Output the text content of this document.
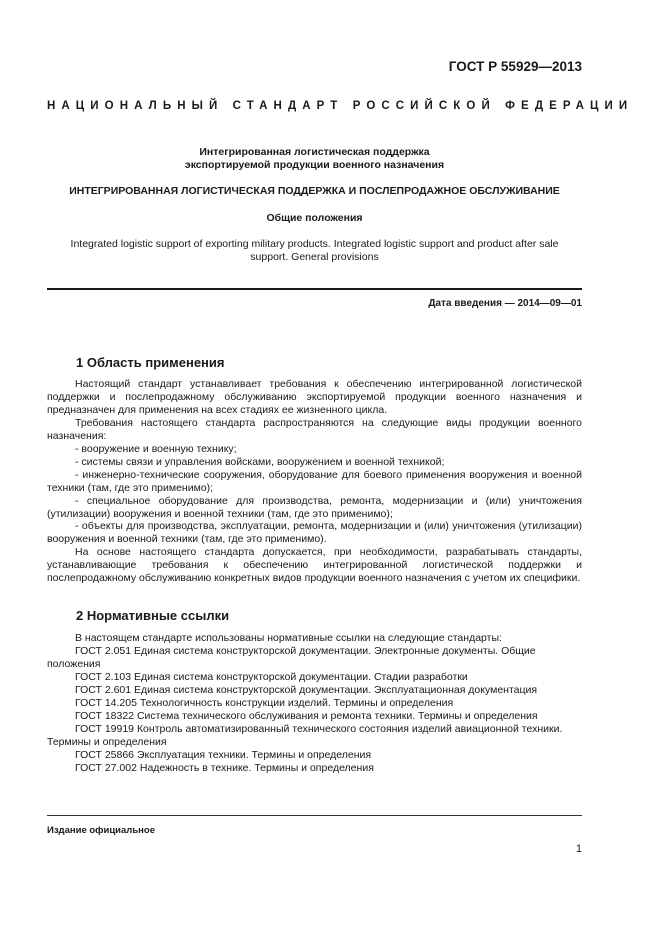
ГОСТ Р 55929—2013
НАЦИОНАЛЬНЫЙ СТАНДАРТ РОССИЙСКОЙ ФЕДЕРАЦИИ
Интегрированная логистическая поддержка
экспортируемой продукции военного назначения
ИНТЕГРИРОВАННАЯ ЛОГИСТИЧЕСКАЯ ПОДДЕРЖКА И ПОСЛЕПРОДАЖНОЕ ОБСЛУЖИВАНИЕ
Общие положения
Integrated logistic support of exporting military products. Integrated logistic support and product after sale
support. General provisions
Дата введения — 2014—09—01
1 Область применения

Настоящий стандарт устанавливает требования к обеспечению интегрированной логистической поддержки и послепродажному обслуживанию экспортируемой продукции военного назначения и предназначен для применения на всех стадиях ее жизненного цикла.

Требования настоящего стандарта распространяются на следующие виды продукции военного назначения:

- вооружение и военную технику;

- системы связи и управления войсками, вооружением и военной техникой;

- инженерно-технические сооружения, оборудование для боевого применения вооружения и военной техники (там, где это применимо);

- специальное оборудование для производства, ремонта, модернизации и (или) уничтожения (утилизации) вооружения и военной техники (там, где это применимо);

- объекты для производства, эксплуатации, ремонта, модернизации и (или) уничтожения (утилизации) вооружения и военной техники (там, где это применимо).

На основе настоящего стандарта допускается, при необходимости, разрабатывать стандарты, устанавливающие требования к обеспечению интегрированной логистической поддержки и послепродажному обслуживанию конкретных видов продукции военного назначения с учетом их специфики.

2 Нормативные ссылки

В настоящем стандарте использованы нормативные ссылки на следующие стандарты:

ГОСТ 2.051 Единая система конструкторской документации. Электронные документы. Общие положения

ГОСТ 2.103 Единая система конструкторской документации. Стадии разработки

ГОСТ 2.601 Единая система конструкторской документации. Эксплуатационная документация

ГОСТ 14.205 Технологичность конструкции изделий. Термины и определения

ГОСТ 18322 Система технического обслуживания и ремонта техники. Термины и определения

ГОСТ 19919 Контроль автоматизированный технического состояния изделий авиационной техники. Термины и определения

ГОСТ 25866 Эксплуатация техники. Термины и определения

ГОСТ 27.002 Надежность в технике. Термины и определения

Издание официальное
1
